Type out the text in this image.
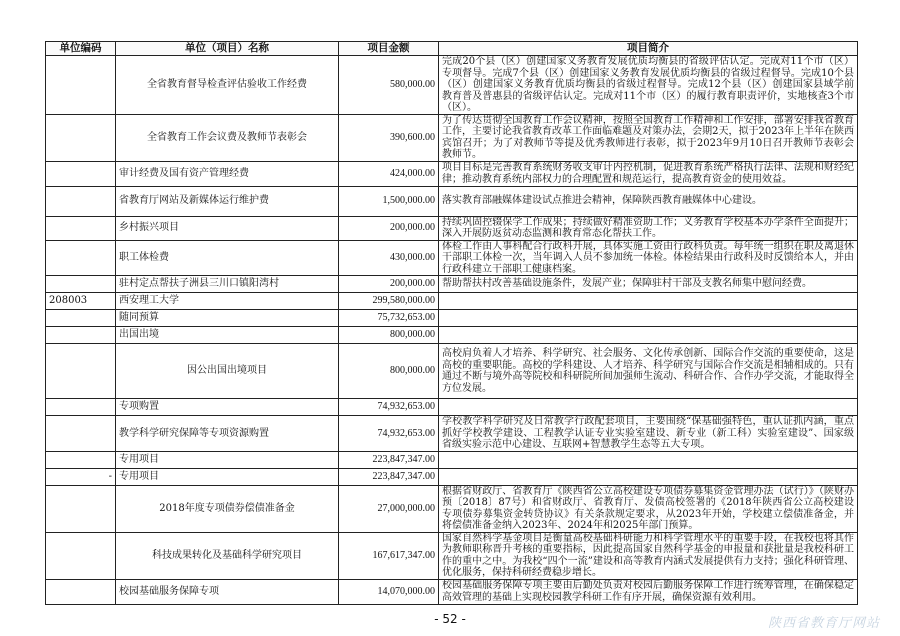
单位编码	单位（项目）名称	项目金额	项目简介
	全省教育督导检查评估验收工作经费	580,000.00	完成20个县（区）创建国家义务教育发展优质均衡县的省级评估认定。完成对11个市（区）专项督导。完成7个县（区）创建国家义务教育发展优质均衡县的省级过程督导。完成10个县（区）创建国家义务教育优质均衡县的省级过程督导。完成12个县（区）创建国家县域学前教育普及普惠县的省级评估认定。完成对11个市（区）的履行教育职责评价，实地核查3个市（区）。
	全省教育工作会议费及教师节表彰会	390,600.00	为了传达贯彻全国教育工作会议精神，按照全国教育工作精神和工作安排，部署安排我省教育工作，主要讨论我省教育改革工作面临难题及对策办法，会期2天，拟于2023年上半年在陕西宾馆召开；为了对教师节等提及优秀教师进行表彰，拟于2023年9月10日召开教师节表彰会教师节。
	审计经费及国有资产管理经费	424,000.00	项目目标是完善教育系统财务收支审计内控机制，促进教育系统严格执行法律、法规和财经纪律；推动教育系统内部权力的合理配置和规范运行，提高教育资金的使用效益。
	省教育厅网站及新媒体运行维护费	1,500,000.00	落实教育部融媒体建设试点推进会精神，保障陕西教育融媒体中心建设。
	乡村振兴项目	200,000.00	持续巩固控辍保学工作成果；持续做好精准资助工作；义务教育学校基本办学条件全面提升；深入开展防返贫动态监测和教育常态化帮扶工作。
	职工体检费	430,000.00	体检工作由人事科配合行政科开展，具体实施工资由行政科负责。每年统一组织在职及离退休干部职工体检一次，当年调入人员不参加统一体检。体检结果由行政科及时反馈给本人，并由行政科建立干部职工健康档案。
	驻村定点帮扶子洲县三川口镇阳湾村	200,000.00	帮助帮扶村改善基础设施条件，发展产业；保障驻村干部及支教名师集中慰问经费。
208003	西安理工大学	299,580,000.00	
	随同预算	75,732,653.00	
	出国出境	800,000.00	
	因公出国出境项目	800,000.00	高校肩负着人才培养、科学研究、社会服务、文化传承创新、国际合作交流的重要使命，这是高校的重要职能。高校的学科建设、人才培养、科学研究与国际合作交流是相辅相成的。只有通过不断与境外高等院校和科研院所间加强师生流动、科研合作、合作办学交流，才能取得全方位发展。
	专项购置	74,932,653.00	
	教学科学研究保障等专项资源购置	74,932,653.00	学校教学科学研究及日常教学行政配套项目，主要围绕“保基础强特色，重认证抓内涵，重点抓好学校教学建设、工程教学认证专业实验室建设、新专业（新工科）实验室建设”、国家级省级实验示范中心建设、互联网+智慧教学生态等五大专项。
	专用项目	223,847,347.00	
-	专用项目	223,847,347.00	
	2018年度专项债券偿债准备金	27,000,000.00	根据省财政厅、省教育厅《陕西省公立高校建设专项债券募集资金管理办法（试行）》（陕财办预〔2018〕87号）和省财政厅、省教育厅、发债高校签署的《2018年陕西省公立高校建设专项债券募集资金转贷协议》有关条款规定要求，从2023年开始，学校建立偿债准备金，并将偿债准备金纳入2023年、2024年和2025年部门预算。
	科技成果转化及基础科学研究项目	167,617,347.00	国家自然科学基金项目是衡量高校基础科研能力和科学管理水平的重要手段，在我校也将其作为教师职称晋升考核的重要指标，因此提高国家自然科学基金的申报量和获批量是我校科研工作的重中之中。为我校“四个一流”建设和高等教育内涵式发展提供有力支持；强化科研管理、优化服务，保持科研经费稳步增长。
	校园基础服务保障专项	14,070,000.00	校园基础服务保障专项主要由后勤处负责对校园后勤服务保障工作进行统筹管理，在确保稳定高效管理的基础上实现校园教学科研工作有序开展，确保资源有效利用。
- 52 -	陕西省教育厅网站
